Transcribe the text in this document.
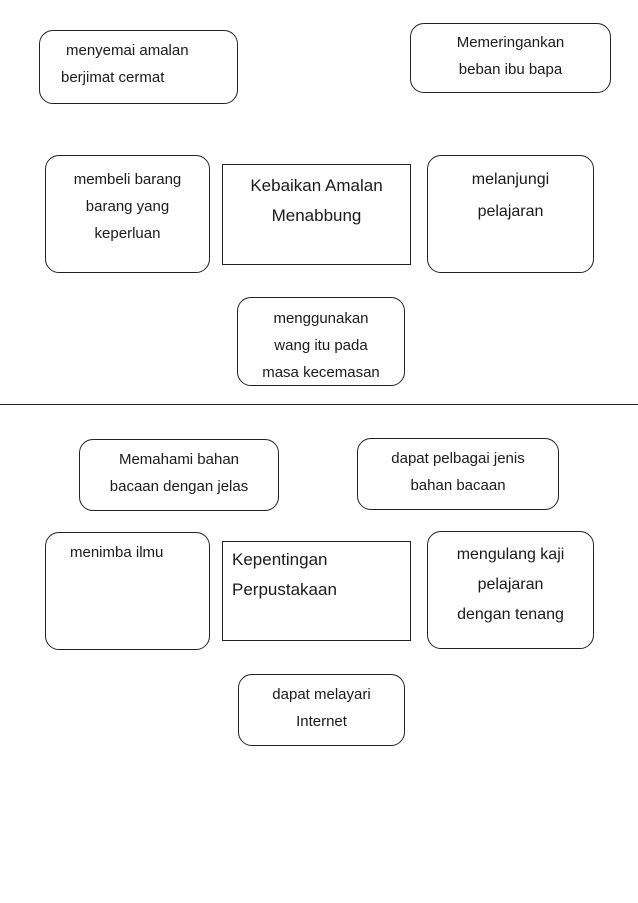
menyemai amalan
berjimat cermat
Memeringankan
beban ibu bapa
membeli barang
barang yang
keperluan
Kebaikan Amalan
Menabbung
melanjungi
pelajaran
menggunakan
wang itu pada
masa kecemasan
Memahami bahan
bacaan dengan jelas
dapat pelbagai jenis
bahan bacaan
menimba ilmu	Kepentingan
Perpustakaan
mengulang kaji
pelajaran
dengan tenang
dapat melayari
Internet
